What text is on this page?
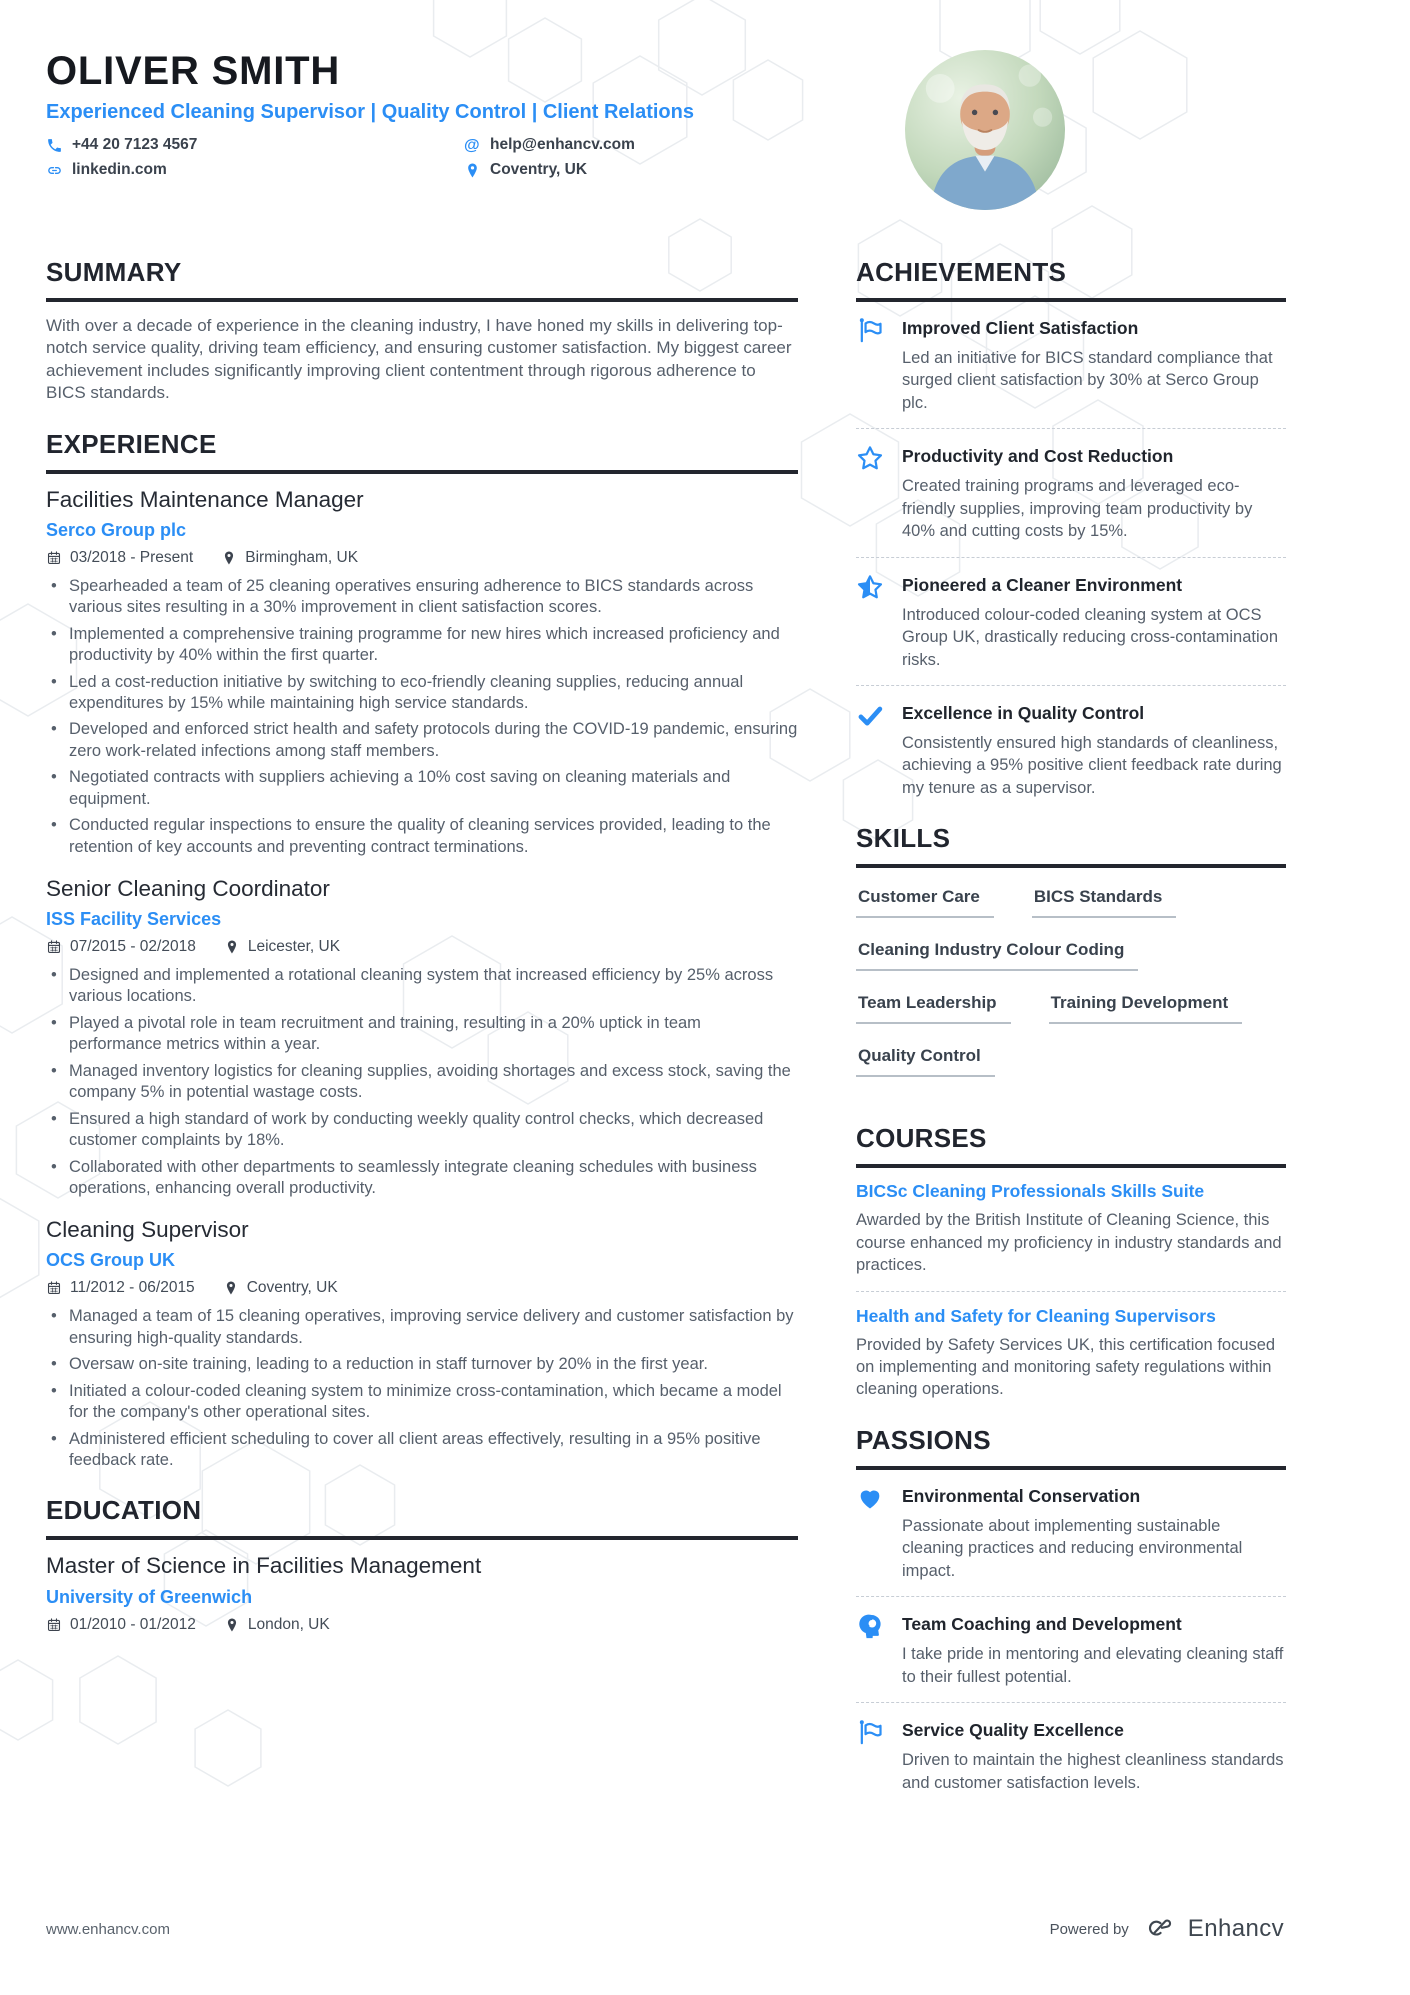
OLIVER SMITH
Experienced Cleaning Supervisor | Quality Control | Client Relations
+44 20 7123 4567	@ help@enhancv.com
linkedin.com	Coventry, UK
SUMMARY

With over a decade of experience in the cleaning industry, I have honed my skills in delivering top-notch service quality, driving team efficiency, and ensuring customer satisfaction. My biggest career achievement includes significantly improving client contentment through rigorous adherence to BICS standards.

EXPERIENCE
Facilities Maintenance Manager
Serco Group plc
03/2018 - Present	Birmingham, UK
• Spearheaded a team of 25 cleaning operatives ensuring adherence to BICS standards across various sites resulting in a 30% improvement in client satisfaction scores.
• Implemented a comprehensive training programme for new hires which increased proficiency and productivity by 40% within the first quarter.
• Led a cost-reduction initiative by switching to eco-friendly cleaning supplies, reducing annual expenditures by 15% while maintaining high service standards.
• Developed and enforced strict health and safety protocols during the COVID-19 pandemic, ensuring zero work-related infections among staff members.
• Negotiated contracts with suppliers achieving a 10% cost saving on cleaning materials and equipment.
• Conducted regular inspections to ensure the quality of cleaning services provided, leading to the retention of key accounts and preventing contract terminations.
Senior Cleaning Coordinator
ISS Facility Services
07/2015 - 02/2018	Leicester, UK
• Designed and implemented a rotational cleaning system that increased efficiency by 25% across various locations.
• Played a pivotal role in team recruitment and training, resulting in a 20% uptick in team performance metrics within a year.
• Managed inventory logistics for cleaning supplies, avoiding shortages and excess stock, saving the company 5% in potential wastage costs.
• Ensured a high standard of work by conducting weekly quality control checks, which decreased customer complaints by 18%.
• Collaborated with other departments to seamlessly integrate cleaning schedules with business operations, enhancing overall productivity.
Cleaning Supervisor
OCS Group UK
11/2012 - 06/2015	Coventry, UK
• Managed a team of 15 cleaning operatives, improving service delivery and customer satisfaction by ensuring high-quality standards.
• Oversaw on-site training, leading to a reduction in staff turnover by 20% in the first year.
• Initiated a colour-coded cleaning system to minimize cross-contamination, which became a model for the company's other operational sites.
• Administered efficient scheduling to cover all client areas effectively, resulting in a 95% positive feedback rate.
EDUCATION
Master of Science in Facilities Management
University of Greenwich
01/2010 - 01/2012	London, UK
ACHIEVEMENTS
Improved Client Satisfaction
Led an initiative for BICS standard compliance that surged client satisfaction by 30% at Serco Group plc.
Productivity and Cost Reduction
Created training programs and leveraged eco-friendly supplies, improving team productivity by 40% and cutting costs by 15%.
Pioneered a Cleaner Environment
Introduced colour-coded cleaning system at OCS Group UK, drastically reducing cross-contamination risks.
Excellence in Quality Control
Consistently ensured high standards of cleanliness, achieving a 95% positive client feedback rate during my tenure as a supervisor.
SKILLS
Customer Care	BICS Standards
Cleaning Industry Colour Coding
Team Leadership	Training Development
Quality Control
COURSES
BICSc Cleaning Professionals Skills Suite
Awarded by the British Institute of Cleaning Science, this course enhanced my proficiency in industry standards and practices.
Health and Safety for Cleaning Supervisors
Provided by Safety Services UK, this certification focused on implementing and monitoring safety regulations within cleaning operations.
PASSIONS
Environmental Conservation
Passionate about implementing sustainable cleaning practices and reducing environmental impact.
Team Coaching and Development
I take pride in mentoring and elevating cleaning staff to their fullest potential.
Service Quality Excellence
Driven to maintain the highest cleanliness standards and customer satisfaction levels.
www.enhancv.com	Powered by Enhancv
